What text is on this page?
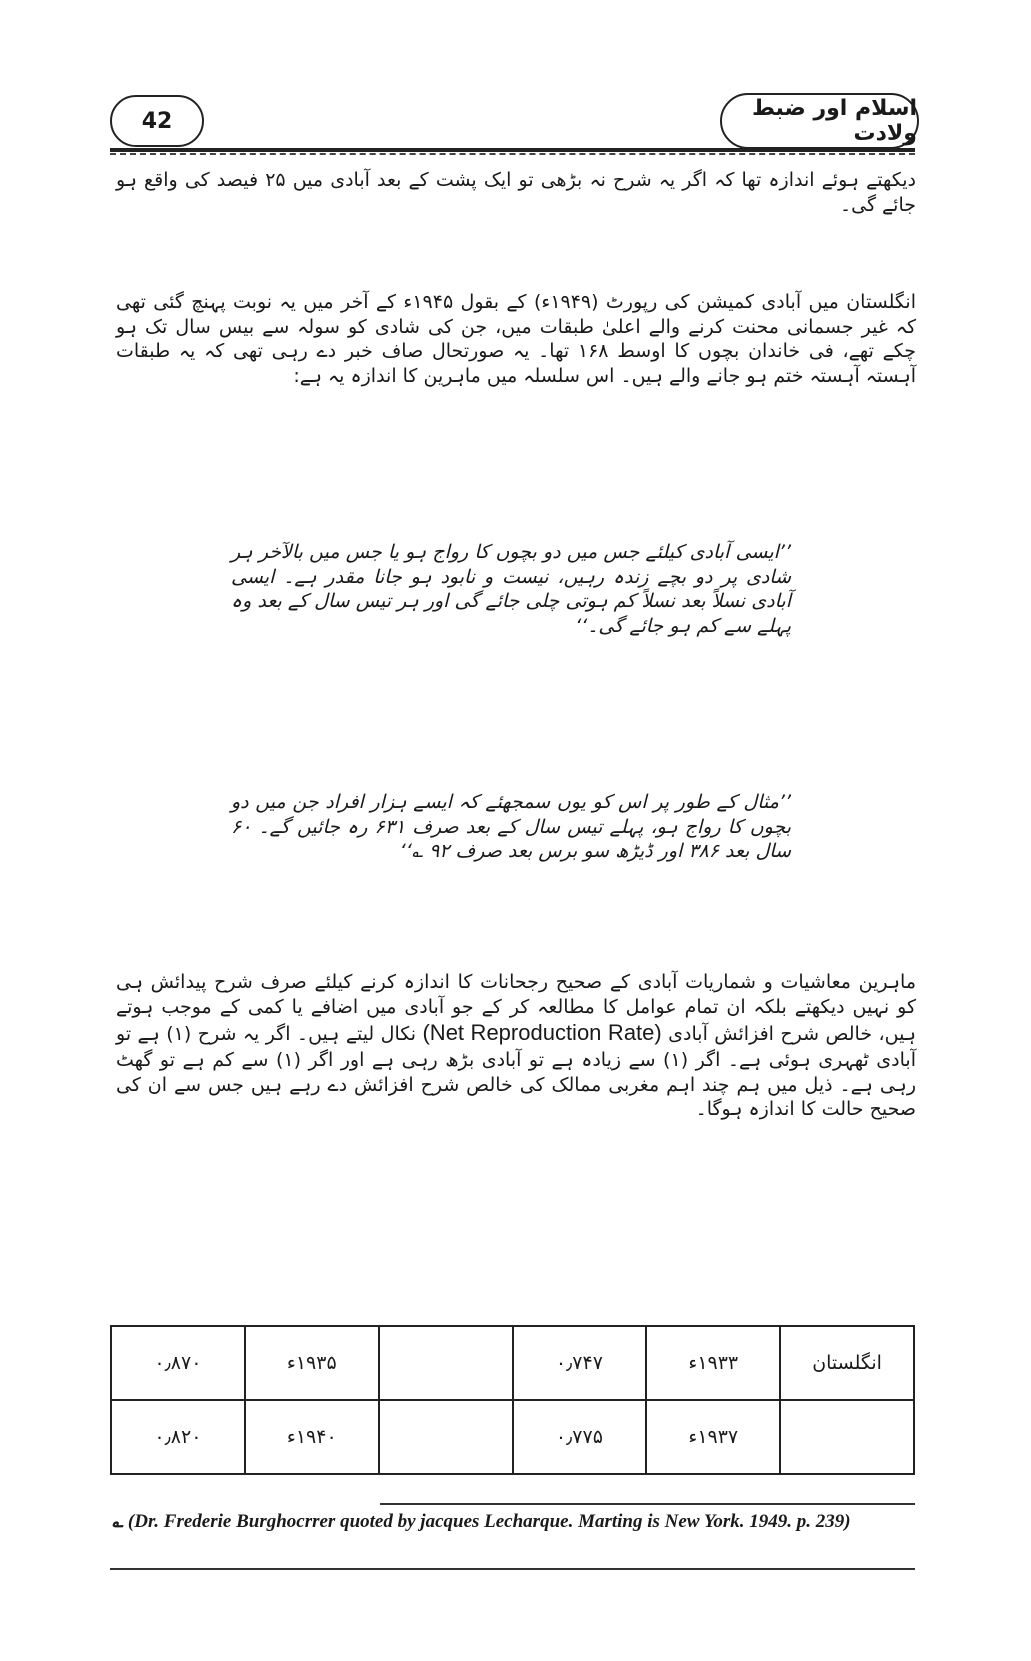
42	اسلام اور ضبط ولادت
دیکھتے ہوئے اندازہ تھا کہ اگر یہ شرح نہ بڑھی تو ایک پشت کے بعد آبادی میں ۲۵ فیصد کی واقع ہو جائے گی۔
انگلستان میں آبادی کمیشن کی رپورٹ (۱۹۴۹ء) کے بقول ۱۹۴۵ء کے آخر میں یہ نوبت پہنچ گئی تھی کہ غیر جسمانی محنت کرنے والے اعلیٰ طبقات میں، جن کی شادی کو سولہ سے بیس سال تک ہو چکے تھے، فی خاندان بچوں کا اوسط ۱۶۸ تھا۔ یہ صورتحال صاف خبر دے رہی تھی کہ یہ طبقات آہستہ آہستہ ختم ہو جانے والے ہیں۔ اس سلسلہ میں ماہرین کا اندازہ یہ ہے:
’’ایسی آبادی کیلئے جس میں دو بچوں کا رواج ہو یا جس میں بالآخر ہر شادی پر دو بچے زندہ رہیں، نیست و نابود ہو جانا مقدر ہے۔ ایسی آبادی نسلاً بعد نسلاً کم ہوتی چلی جائے گی اور ہر تیس سال کے بعد وہ پہلے سے کم ہو جائے گی۔‘‘
’’مثال کے طور پر اس کو یوں سمجھئے کہ ایسے ہزار افراد جن میں دو بچوں کا رواج ہو، پہلے تیس سال کے بعد صرف ۶۳۱ رہ جائیں گے۔ ۶۰ سال بعد ۳۸۶ اور ڈیڑھ سو برس بعد صرف ۹۲ ؎‘‘
ماہرین معاشیات و شماریات آبادی کے صحیح رجحانات کا اندازہ کرنے کیلئے صرف شرح پیدائش ہی کو نہیں دیکھتے بلکہ ان تمام عوامل کا مطالعہ کر کے جو آبادی میں اضافے یا کمی کے موجب ہوتے ہیں، خالص شرح افزائش آبادی (Net Reproduction Rate) نکال لیتے ہیں۔ اگر یہ شرح (۱) ہے تو آبادی ٹھہری ہوئی ہے۔ اگر (۱) سے زیادہ ہے تو آبادی بڑھ رہی ہے اور اگر (۱) سے کم ہے تو گھٹ رہی ہے۔ ذیل میں ہم چند اہم مغربی ممالک کی خالص شرح افزائش دے رہے ہیں جس سے ان کی صحیح حالت کا اندازہ ہوگا۔
انگلستان	۱۹۳۳ء	۰٫۷۴۷		۱۹۳۵ء	۰٫۸۷۰
	۱۹۳۷ء	۰٫۷۷۵		۱۹۴۰ء	۰٫۸۲۰
؎ (Dr. Frederie Burghocrrer quoted by jacques Lecharque. Marting is New York. 1949. p. 239)
